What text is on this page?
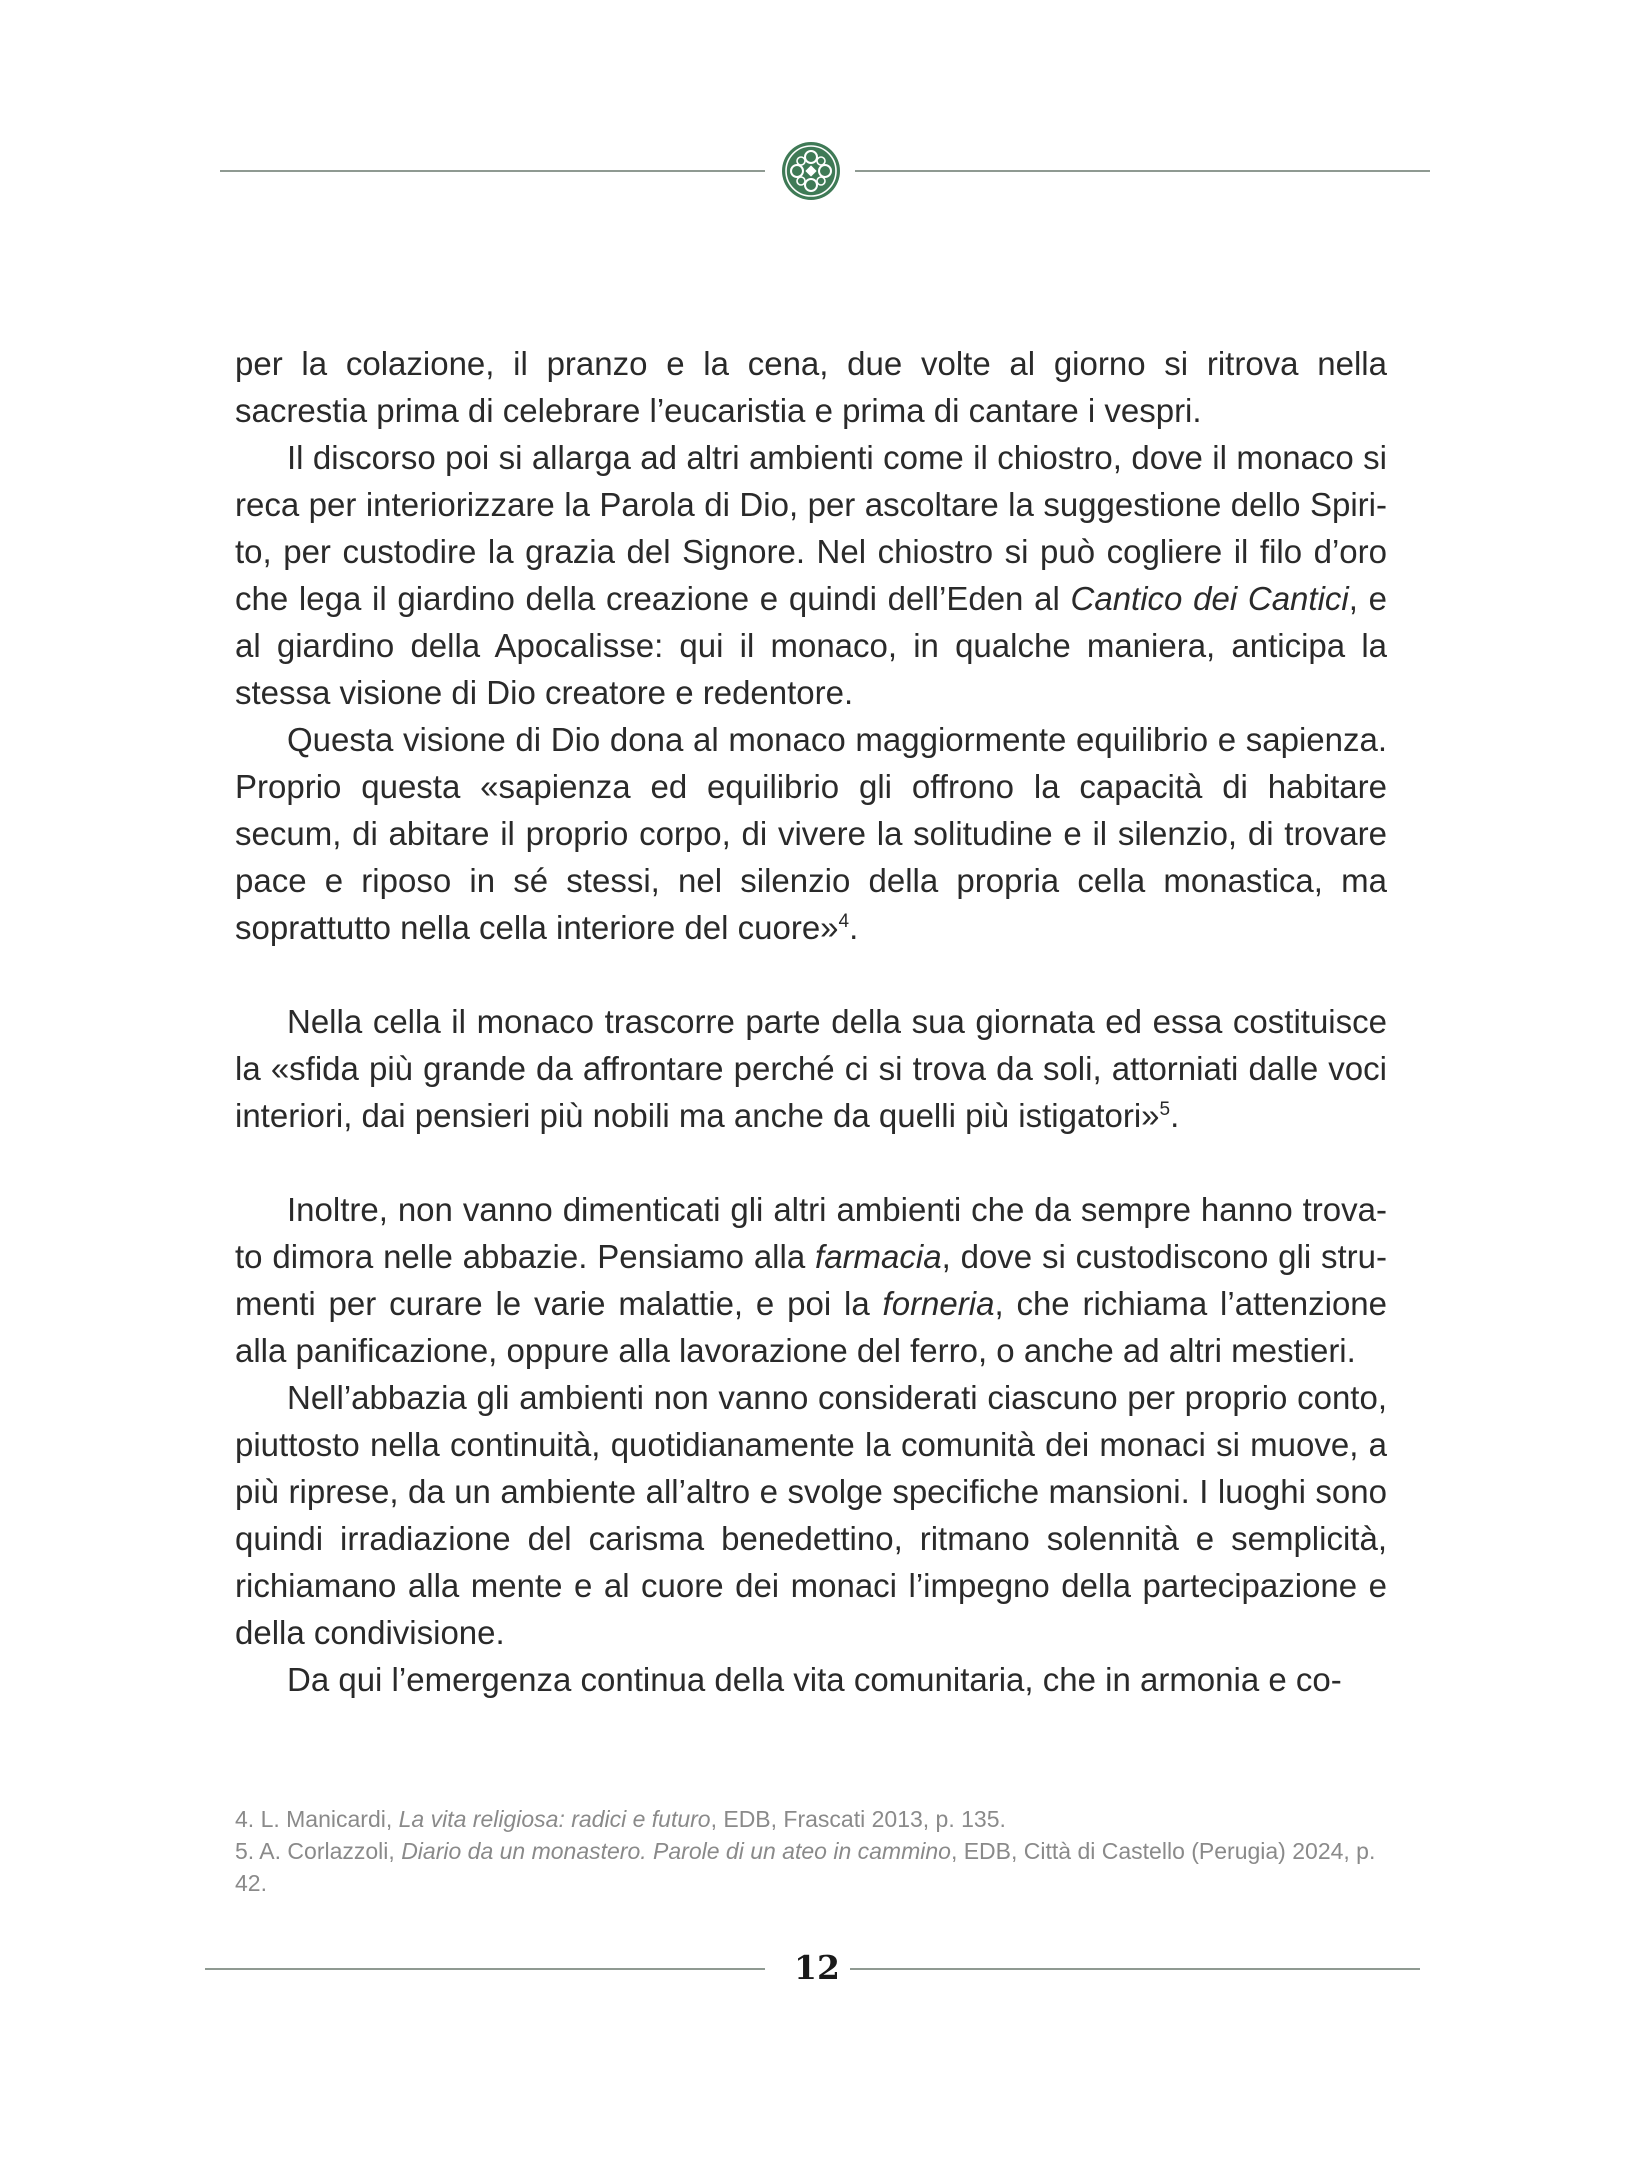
per la colazione, il pranzo e la cena, due volte al giorno si ritrova nella sacrestia prima di celebrare l’eucaristia e prima di cantare i vespri.

Il discorso poi si allarga ad altri ambienti come il chiostro, dove il monaco si reca per interiorizzare la Parola di Dio, per ascoltare la suggestione dello Spirito, per custodire la grazia del Signore. Nel chiostro si può cogliere il filo d’oro che lega il giardino della creazione e quindi dell’Eden al Cantico dei Cantici, e al giardino della Apocalisse: qui il monaco, in qualche maniera, anticipa la stessa visione di Dio creatore e redentore.

Questa visione di Dio dona al monaco maggiormente equilibrio e sapienza. Proprio questa «sapienza ed equilibrio gli offrono la capacità di habitare secum, di abitare il proprio corpo, di vivere la solitudine e il silenzio, di trovare pace e riposo in sé stessi, nel silenzio della propria cella monastica, ma soprattutto nella cella interiore del cuore»$^4$.

Nella cella il monaco trascorre parte della sua giornata ed essa costituisce la «sfida più grande da affrontare perché ci si trova da soli, attorniati dalle voci interiori, dai pensieri più nobili ma anche da quelli più istigatori»$^5$.

Inoltre, non vanno dimenticati gli altri ambienti che da sempre hanno trovato dimora nelle abbazie. Pensiamo alla farmacia, dove si custodiscono gli strumenti per curare le varie malattie, e poi la forneria, che richiama l’attenzione alla panificazione, oppure alla lavorazione del ferro, o anche ad altri mestieri.

Nell’abbazia gli ambienti non vanno considerati ciascuno per proprio conto, piuttosto nella continuità, quotidianamente la comunità dei monaci si muove, a più riprese, da un ambiente all’altro e svolge specifiche mansioni. I luoghi sono quindi irradiazione del carisma benedettino, ritmano solennità e semplicità, richiamano alla mente e al cuore dei monaci l’impegno della partecipazione e della condivisione.

Da qui l’emergenza continua della vita comunitaria, che in armonia e co-

4. L. Manicardi, La vita religiosa: radici e futuro, EDB, Frascati 2013, p. 135.

5. A. Corlazzoli, Diario da un monastero. Parole di un ateo in cammino, EDB, Città di Castello (Perugia) 2024, p. 42.

12
